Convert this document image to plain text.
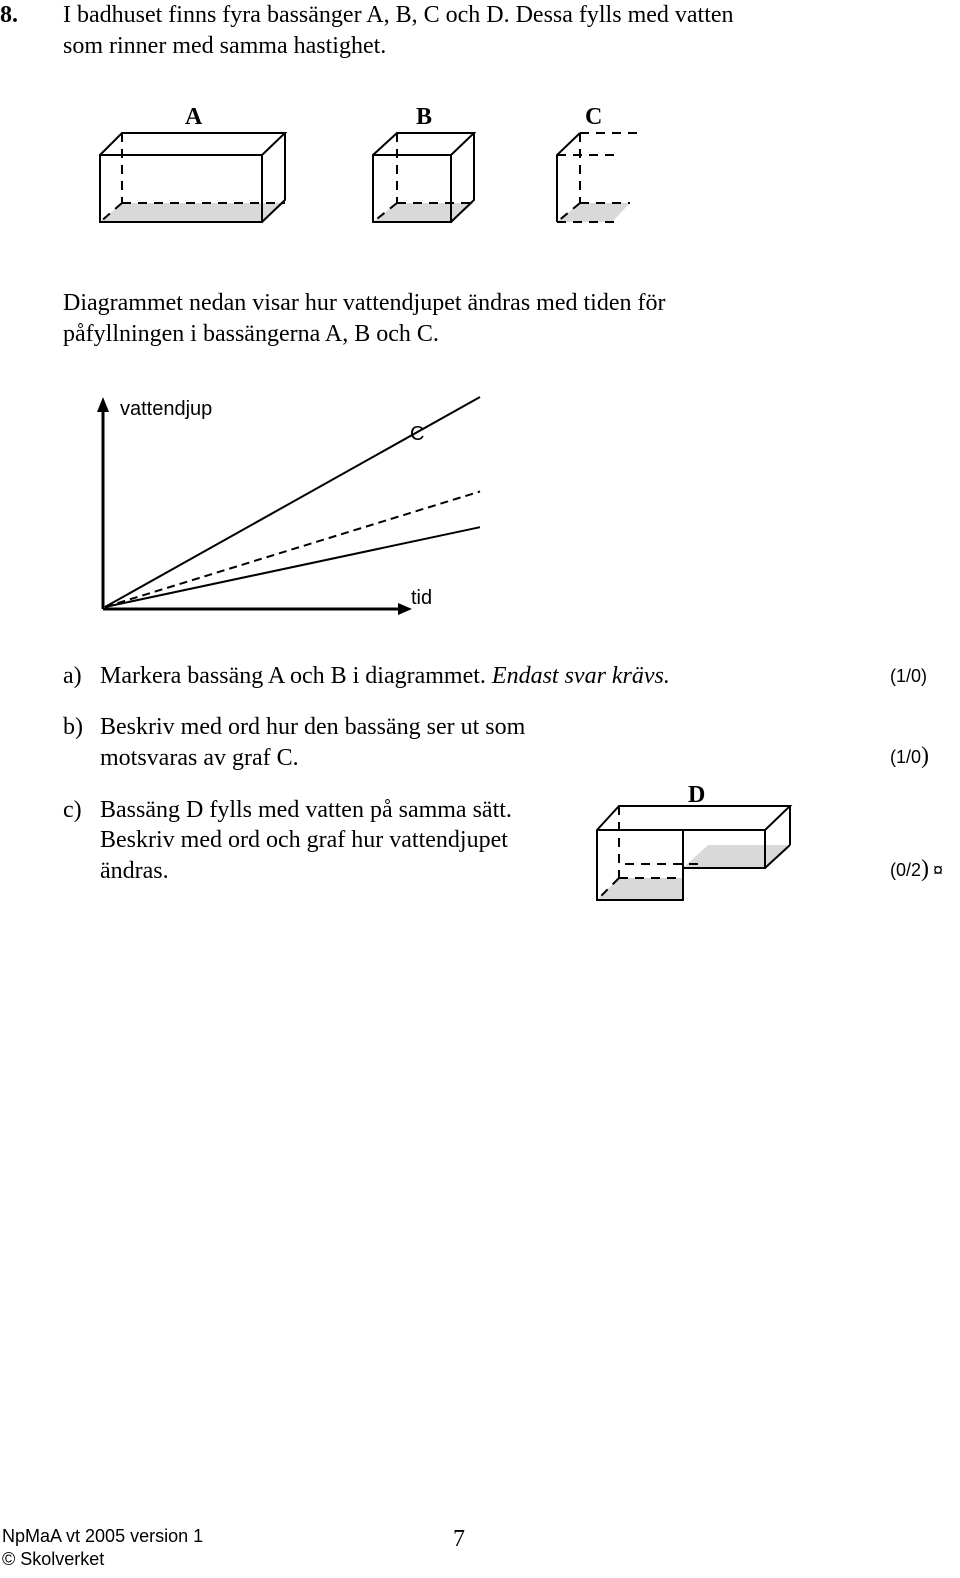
8. I badhuset finns fyra bassänger A, B, C och D. Dessa fylls med vatten
som rinner med samma hastighet.
A	B	C
Diagrammet nedan visar hur vattendjupet ändras med tiden för
påfyllningen i bassängerna A, B och C.
vattendjup
tid
C
a) Markera bassäng A och B i diagrammet. Endast svar krävs.	(1/0)
b) Beskriv med ord hur den bassäng ser ut som
motsvaras av graf C.	(1/0)
c) Bassäng D fylls med vatten på samma sätt.
Beskriv med ord och graf hur vattendjupet
ändras.	(0/2) ¤
D
NpMaA vt 2005 version 1
© Skolverket
7
